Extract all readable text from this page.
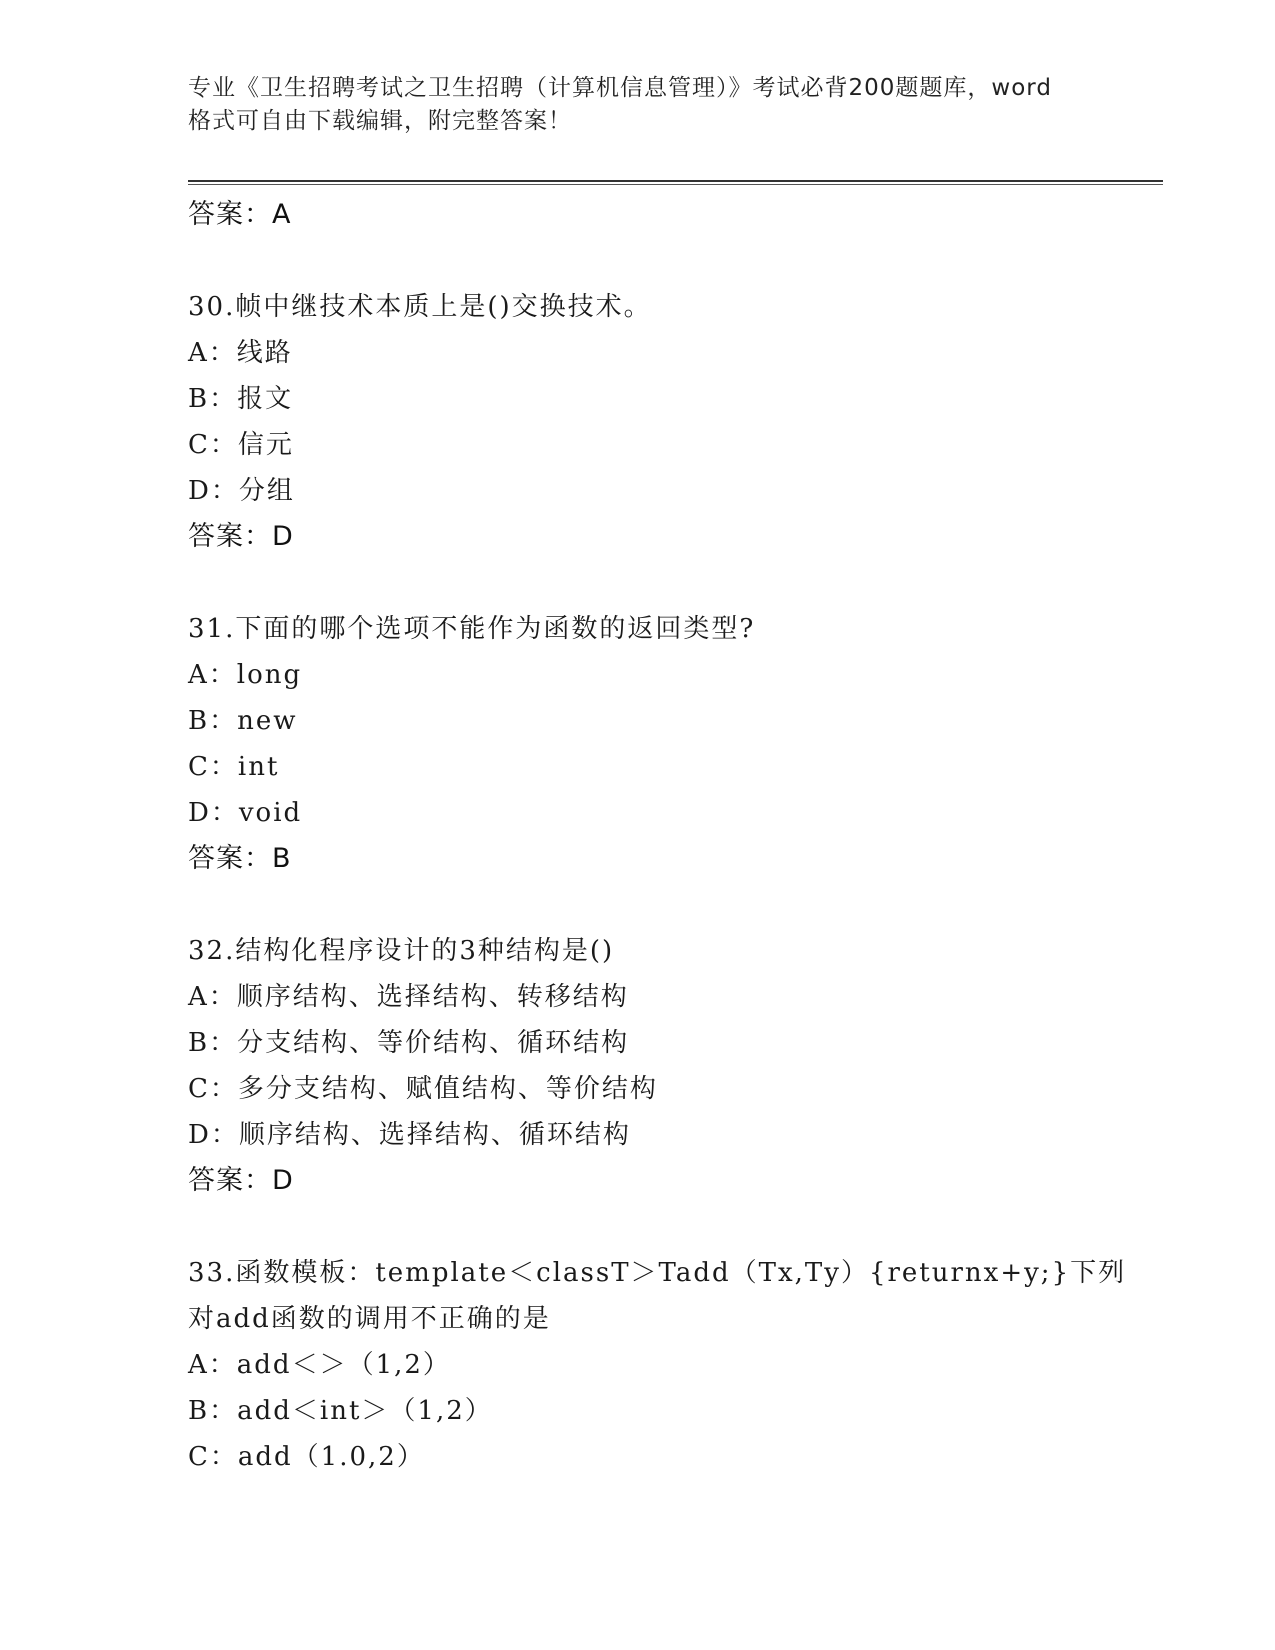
专业《卫生招聘考试之卫生招聘（计算机信息管理）》考试必背200题题库，word
格式可自由下载编辑，附完整答案！
答案：A
30.帧中继技术本质上是()交换技术。
A：线路
B：报文
C：信元
D：分组
答案：D
31.下面的哪个选项不能作为函数的返回类型?
A：long
B：new
C：int
D：void
答案：B
32.结构化程序设计的3种结构是()
A：顺序结构、选择结构、转移结构
B：分支结构、等价结构、循环结构
C：多分支结构、赋值结构、等价结构
D：顺序结构、选择结构、循环结构
答案：D
33.函数模板：template＜classT＞Tadd（Tx,Ty）{returnx+y;}下列
对add函数的调用不正确的是
A：add＜＞（1,2）
B：add＜int＞（1,2）
C：add（1.0,2）
